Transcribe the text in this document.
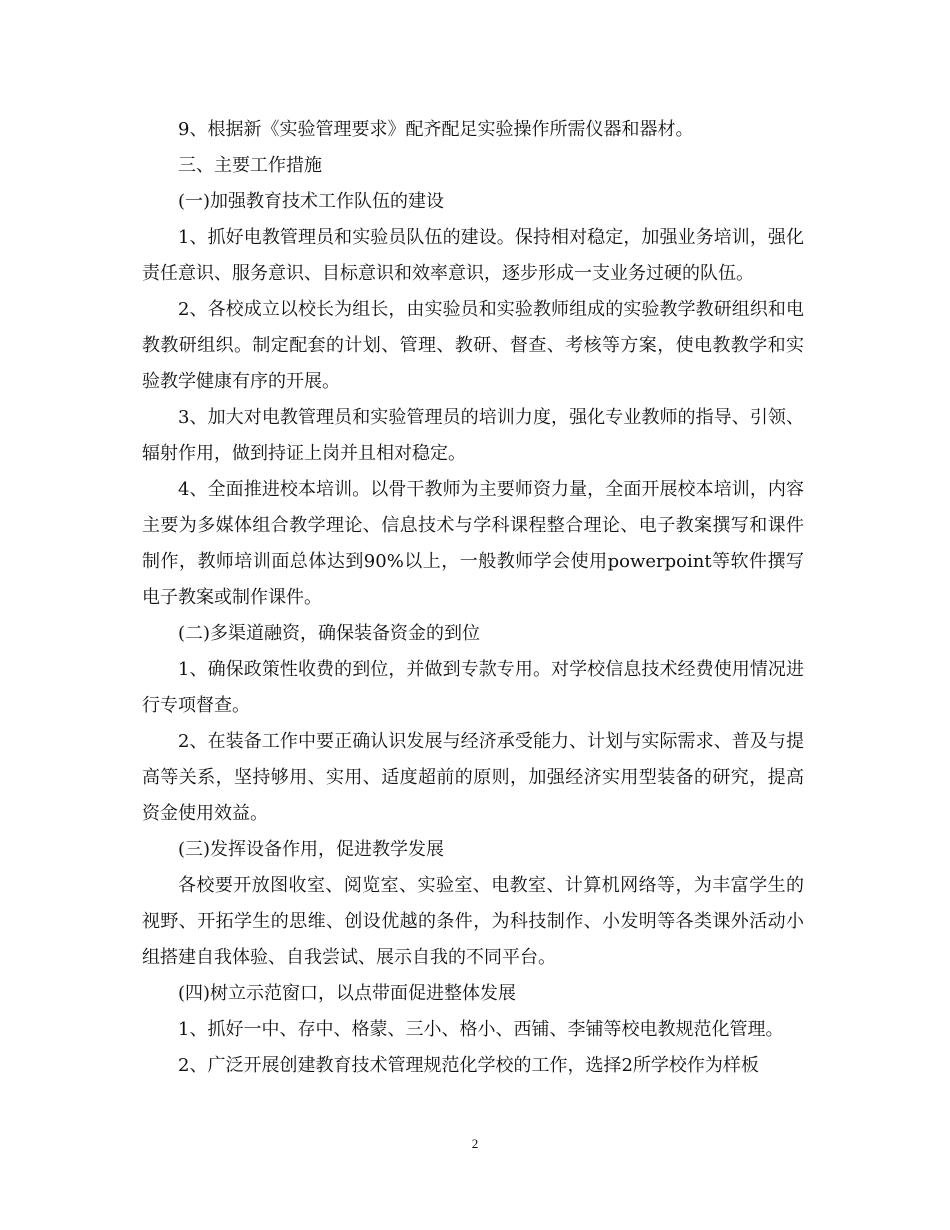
9、根据新《实验管理要求》配齐配足实验操作所需仪器和器材。

三、主要工作措施

(一)加强教育技术工作队伍的建设

1、抓好电教管理员和实验员队伍的建设。保持相对稳定，加强业务培训，强化责任意识、服务意识、目标意识和效率意识，逐步形成一支业务过硬的队伍。

2、各校成立以校长为组长，由实验员和实验教师组成的实验教学教研组织和电教教研组织。制定配套的计划、管理、教研、督查、考核等方案，使电教教学和实验教学健康有序的开展。

3、加大对电教管理员和实验管理员的培训力度，强化专业教师的指导、引领、辐射作用，做到持证上岗并且相对稳定。

4、全面推进校本培训。以骨干教师为主要师资力量，全面开展校本培训，内容主要为多媒体组合教学理论、信息技术与学科课程整合理论、电子教案撰写和课件制作，教师培训面总体达到90%以上，一般教师学会使用powerpoint等软件撰写电子教案或制作课件。

(二)多渠道融资，确保装备资金的到位

1、确保政策性收费的到位，并做到专款专用。对学校信息技术经费使用情况进行专项督查。

2、在装备工作中要正确认识发展与经济承受能力、计划与实际需求、普及与提高等关系，坚持够用、实用、适度超前的原则，加强经济实用型装备的研究，提高资金使用效益。

(三)发挥设备作用，促进教学发展

各校要开放图收室、阅览室、实验室、电教室、计算机网络等，为丰富学生的视野、开拓学生的思维、创设优越的条件，为科技制作、小发明等各类课外活动小组搭建自我体验、自我尝试、展示自我的不同平台。

(四)树立示范窗口，以点带面促进整体发展

1、抓好一中、存中、格蒙、三小、格小、西铺、李铺等校电教规范化管理。

2、广泛开展创建教育技术管理规范化学校的工作，选择2所学校作为样板

2
